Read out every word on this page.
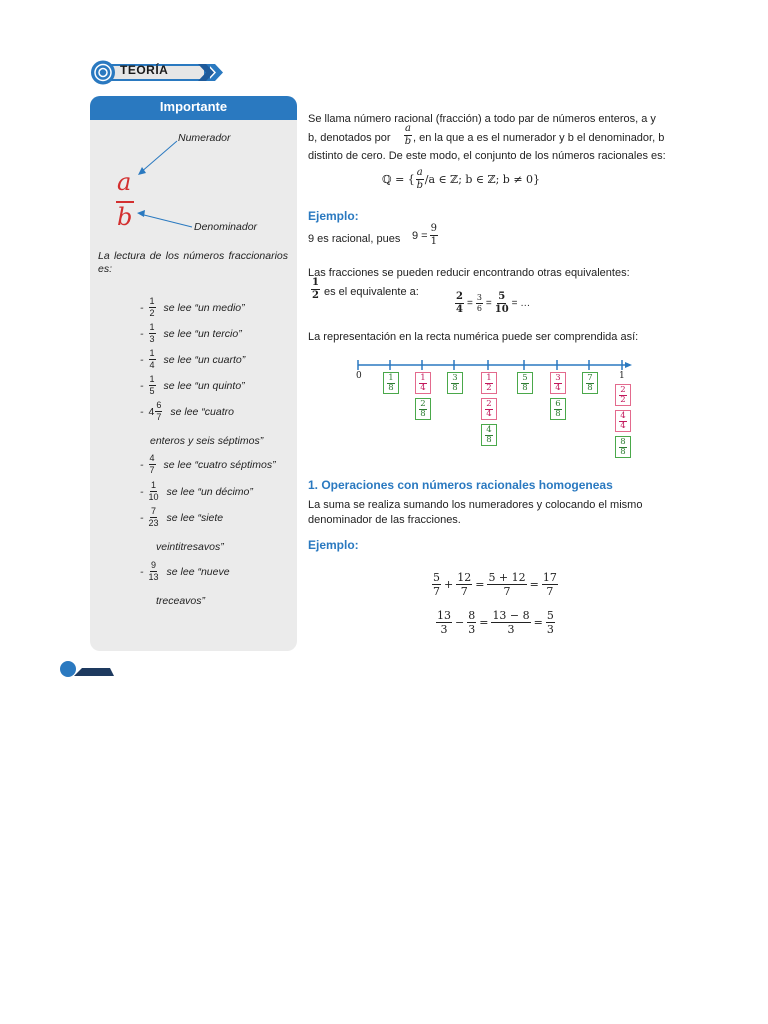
TEORÍA
Importante
a
b
Numerador
Denominador
La lectura de los números fraccionarios es:
- $\frac{1}{2}$ se lee “un medio”
- $\frac{1}{3}$ se lee “un tercio”
- $\frac{1}{4}$ se lee “un cuarto”
- $\frac{1}{5}$ se lee “un quinto”
- $4 \frac{6}{7}$ se lee “cuatro
enteros y seis séptimos”
- $\frac{4}{7}$ se lee “cuatro séptimos”
- $\frac{1}{10}$ se lee “un décimo”
- $\frac{7}{23}$ se lee “siete
veintitresavos”
- $\frac{9}{13}$ se lee “nueve
treceavos”
Se llama número racional (fracción) a todo par de números enteros, a y
b, denotados por $\frac{a}{b}$ , en la que a es el numerador y b el denominador, b
distinto de cero. De este modo, el conjunto de los números racionales es:
ℚ = { $\frac{a}{b} /a$ ∈ ℤ; b ∈ ℤ; b ≠ 0}
Ejemplo:
9 es racional, pues $9 = \frac{9}{1}$
Las fracciones se pueden reducir encontrando otras equivalentes:
$\frac{1}{2}$ es el equivalente a:	$\frac{2}{4} = \frac{3}{6} = \frac{5}{10}$ = …
La representación en la recta numérica puede ser comprendida así:
0	1
1
8
1
4
2
8
3
8
1
2
2
4
4
8
5
8
3
4
6
8
7
8	2
2
4
4
8
8
1. Operaciones con números racionales homogeneas
La suma se realiza sumando los numeradores y colocando el mismo
denominador de las fracciones.
Ejemplo:
$\frac{5}{7} + \frac{12}{7} = \frac{5 + 12}{7} = \frac{17}{7}$
$\frac{13}{3} - \frac{8}{3} = \frac{13 - 8}{3} = \frac{5}{3}$
